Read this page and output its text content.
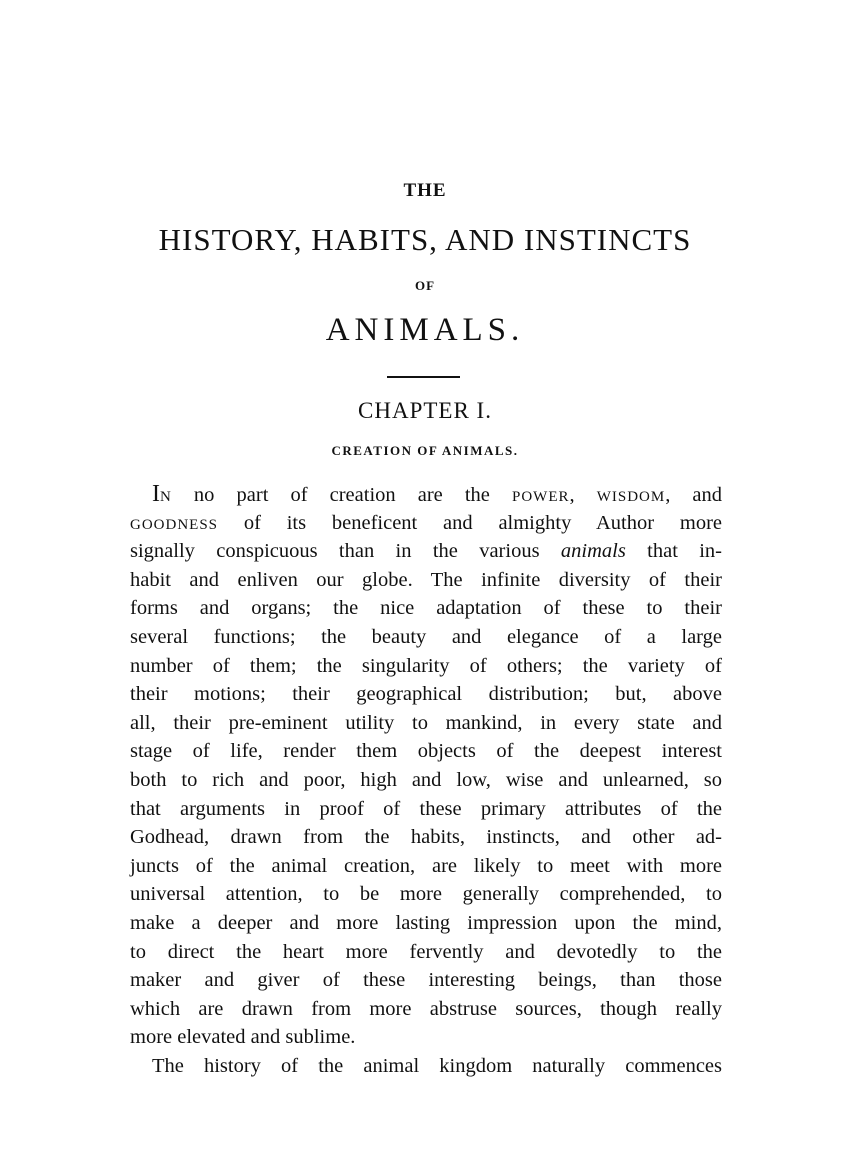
THE
HISTORY, HABITS, AND INSTINCTS
OF
ANIMALS.
CHAPTER I.
CREATION OF ANIMALS.
IN no part of creation are the POWER, WISDOM, and
GOODNESS of its beneficent and almighty Author more
signally conspicuous than in the various animals that in-
habit and enliven our globe. The infinite diversity of their
forms and organs; the nice adaptation of these to their
several functions; the beauty and elegance of a large
number of them; the singularity of others; the variety of
their motions; their geographical distribution; but, above
all, their pre-eminent utility to mankind, in every state and
stage of life, render them objects of the deepest interest
both to rich and poor, high and low, wise and unlearned, so
that arguments in proof of these primary attributes of the
Godhead, drawn from the habits, instincts, and other ad-
juncts of the animal creation, are likely to meet with more
universal attention, to be more generally comprehended, to
make a deeper and more lasting impression upon the mind,
to direct the heart more fervently and devotedly to the
maker and giver of these interesting beings, than those
which are drawn from more abstruse sources, though really
more elevated and sublime.
The history of the animal kingdom naturally commences
